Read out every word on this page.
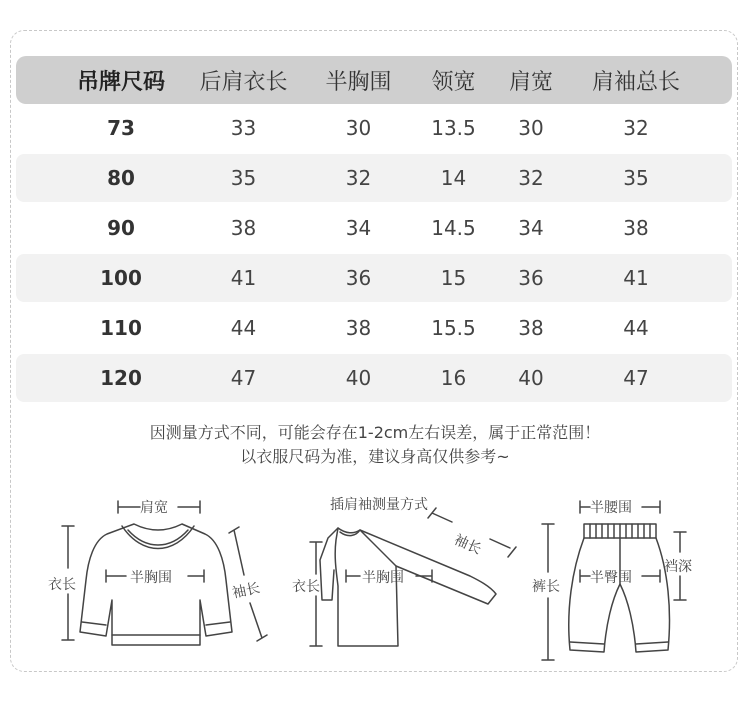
吊牌尺码	后肩衣长	半胸围	领宽	肩宽	肩袖总长
73	33	30	13.5	30	32
80	35	32	14	32	35
90	38	34	14.5	34	38
100	41	36	15	36	41
110	44	38	15.5	38	44
120	47	40	16	40	47
因测量方式不同，可能会存在1-2cm左右误差，属于正常范围！
以衣服尺码为准，建议身高仅供参考~
肩宽
半胸围
衣长	袖长
插肩袖测量方式
袖长
半胸围
衣长
半腰围
半臀围
裤长
裆深
